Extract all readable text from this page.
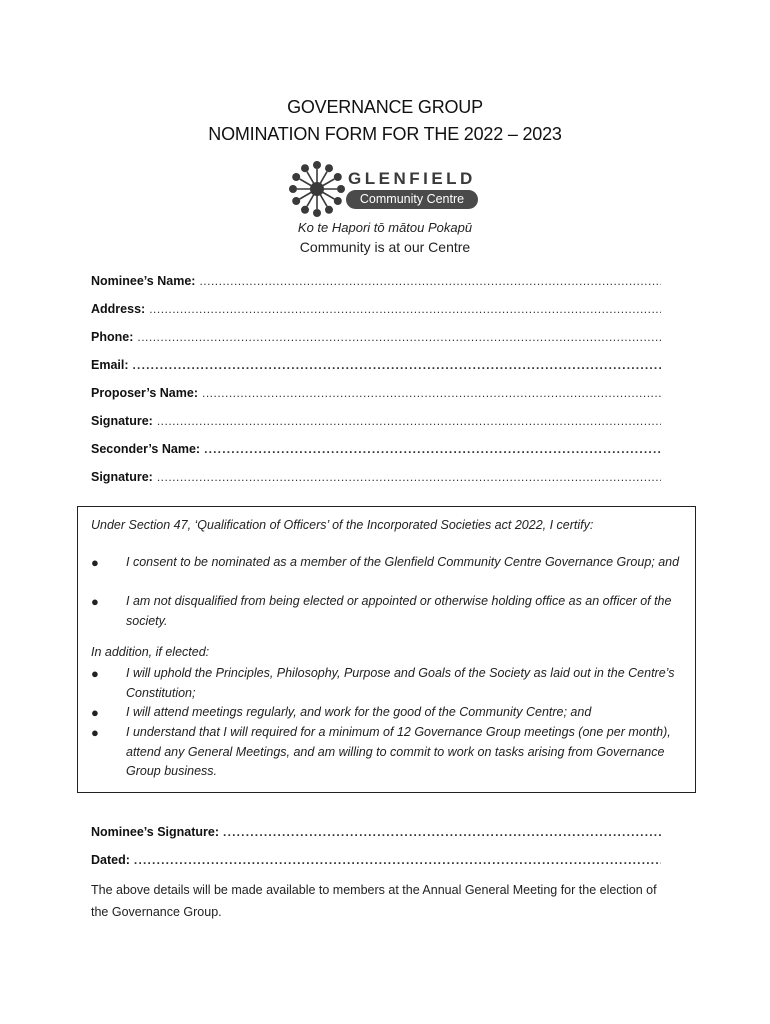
GOVERNANCE GROUP
NOMINATION FORM FOR THE 2022 – 2023
GLENFIELD
Community Centre
Ko te Hapori tō mātou Pokapū
Community is at our Centre
Nominee’s Name:
.....
Address:
.....
Phone:
.....
Email:
.....
Proposer’s Name:
.....
Signature:
.....
Seconder’s Name:
.....
Signature:
.....
Under Section 47, ‘Qualification of Officers’ of the Incorporated Societies act 2022, I certify:
● I consent to be nominated as a member of the Glenfield Community Centre Governance Group; and
● I am not disqualified from being elected or appointed or otherwise holding office as an officer of the society.
In addition, if elected:
● I will uphold the Principles, Philosophy, Purpose and Goals of the Society as laid out in the Centre’s Constitution;
● I will attend meetings regularly, and work for the good of the Community Centre; and
● I understand that I will required for a minimum of 12 Governance Group meetings (one per month), attend any General Meetings, and am willing to commit to work on tasks arising from Governance Group business.
Nominee’s Signature:
.....
Dated:
.....
The above details will be made available to members at the Annual General Meeting for the election of the Governance Group.
